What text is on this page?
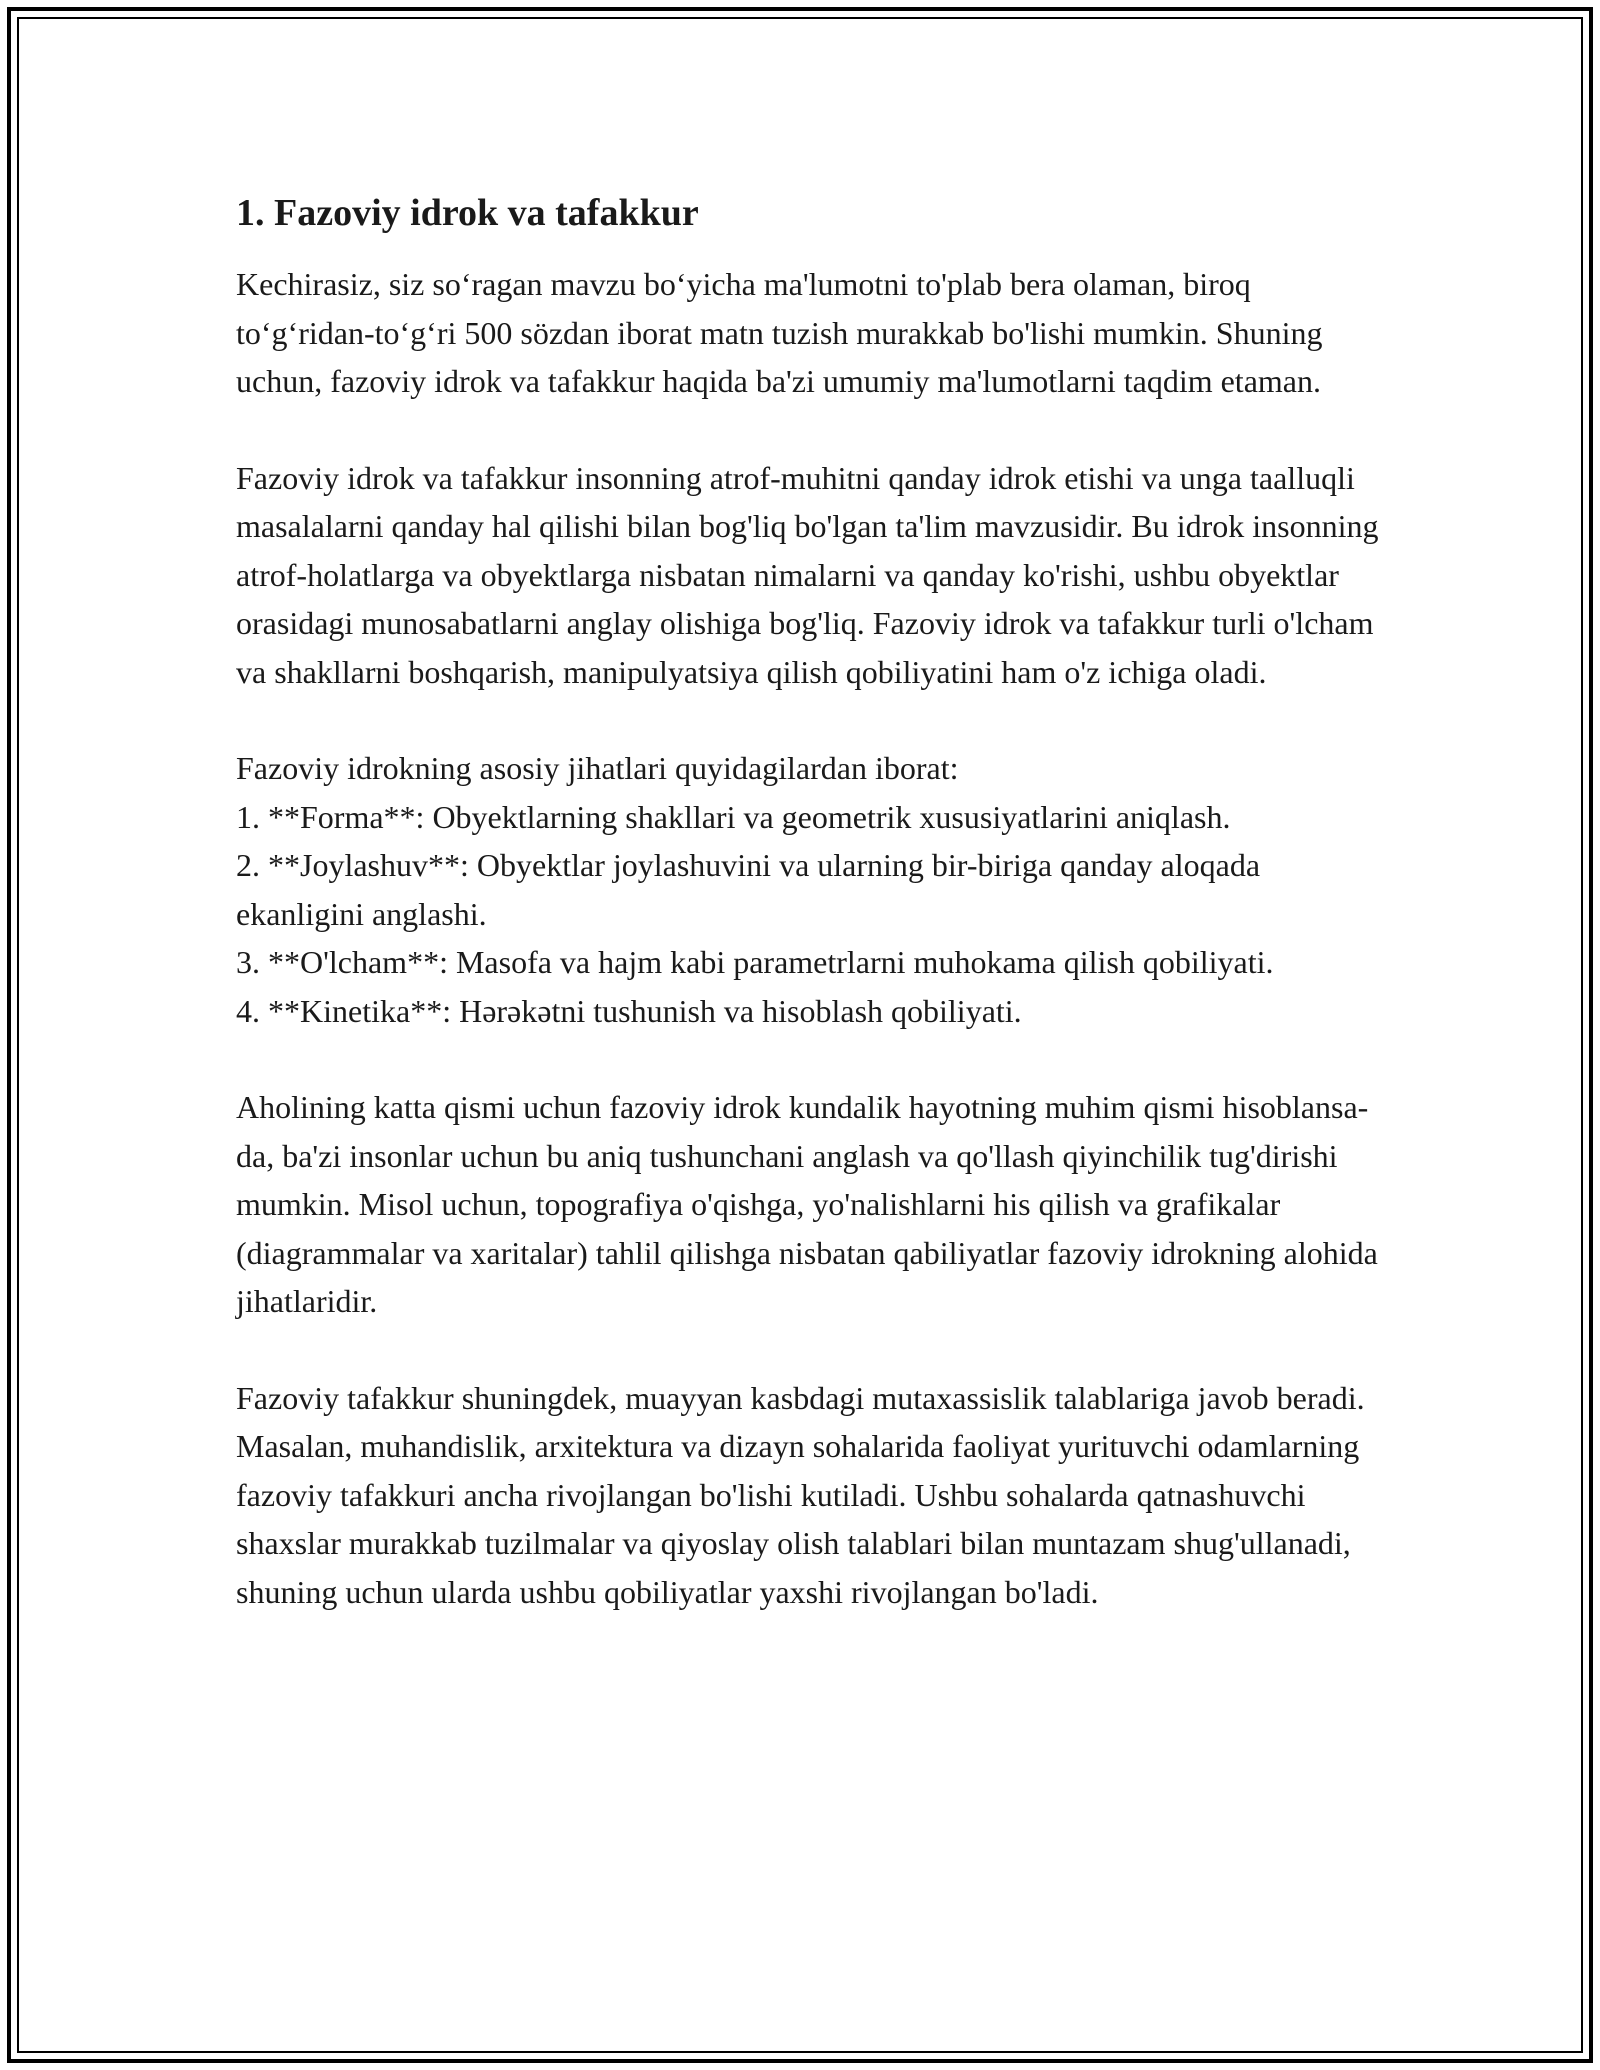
1. Fazoviy idrok va tafakkur

Kechirasiz, siz so‘ragan mavzu bo‘yicha ma'lumotni to'plab bera olaman, biroq to‘g‘ridan-to‘g‘ri 500 sözdan iborat matn tuzish murakkab bo'lishi mumkin. Shuning uchun, fazoviy idrok va tafakkur haqida ba'zi umumiy ma'lumotlarni taqdim etaman.

Fazoviy idrok va tafakkur insonning atrof-muhitni qanday idrok etishi va unga taalluqli masalalarni qanday hal qilishi bilan bog'liq bo'lgan ta'lim mavzusidir. Bu idrok insonning atrof-holatlarga va obyektlarga nisbatan nimalarni va qanday ko'rishi, ushbu obyektlar orasidagi munosabatlarni anglay olishiga bog'liq. Fazoviy idrok va tafakkur turli o'lcham va shakllarni boshqarish, manipulyatsiya qilish qobiliyatini ham o'z ichiga oladi.

Fazoviy idrokning asosiy jihatlari quyidagilardan iborat:

1. **Forma**: Obyektlarning shakllari va geometrik xususiyatlarini aniqlash.
2. **Joylashuv**: Obyektlar joylashuvini va ularning bir-biriga qanday aloqada ekanligini anglashi.
3. **O'lcham**: Masofa va hajm kabi parametrlarni muhokama qilish qobiliyati.
4. **Kinetika**: Hərəkətni tushunish va hisoblash qobiliyati.

Aholining katta qismi uchun fazoviy idrok kundalik hayotning muhim qismi hisoblansa-da, ba'zi insonlar uchun bu aniq tushunchani anglash va qo'llash qiyinchilik tug'dirishi mumkin. Misol uchun, topografiya o'qishga, yo'nalishlarni his qilish va grafikalar (diagrammalar va xaritalar) tahlil qilishga nisbatan qabiliyatlar fazoviy idrokning alohida jihatlaridir.

Fazoviy tafakkur shuningdek, muayyan kasbdagi mutaxassislik talablariga javob beradi. Masalan, muhandislik, arxitektura va dizayn sohalarida faoliyat yurituvchi odamlarning fazoviy tafakkuri ancha rivojlangan bo'lishi kutiladi. Ushbu sohalarda qatnashuvchi shaxslar murakkab tuzilmalar va qiyoslay olish talablari bilan muntazam shug'ullanadi, shuning uchun ularda ushbu qobiliyatlar yaxshi rivojlangan bo'ladi.
